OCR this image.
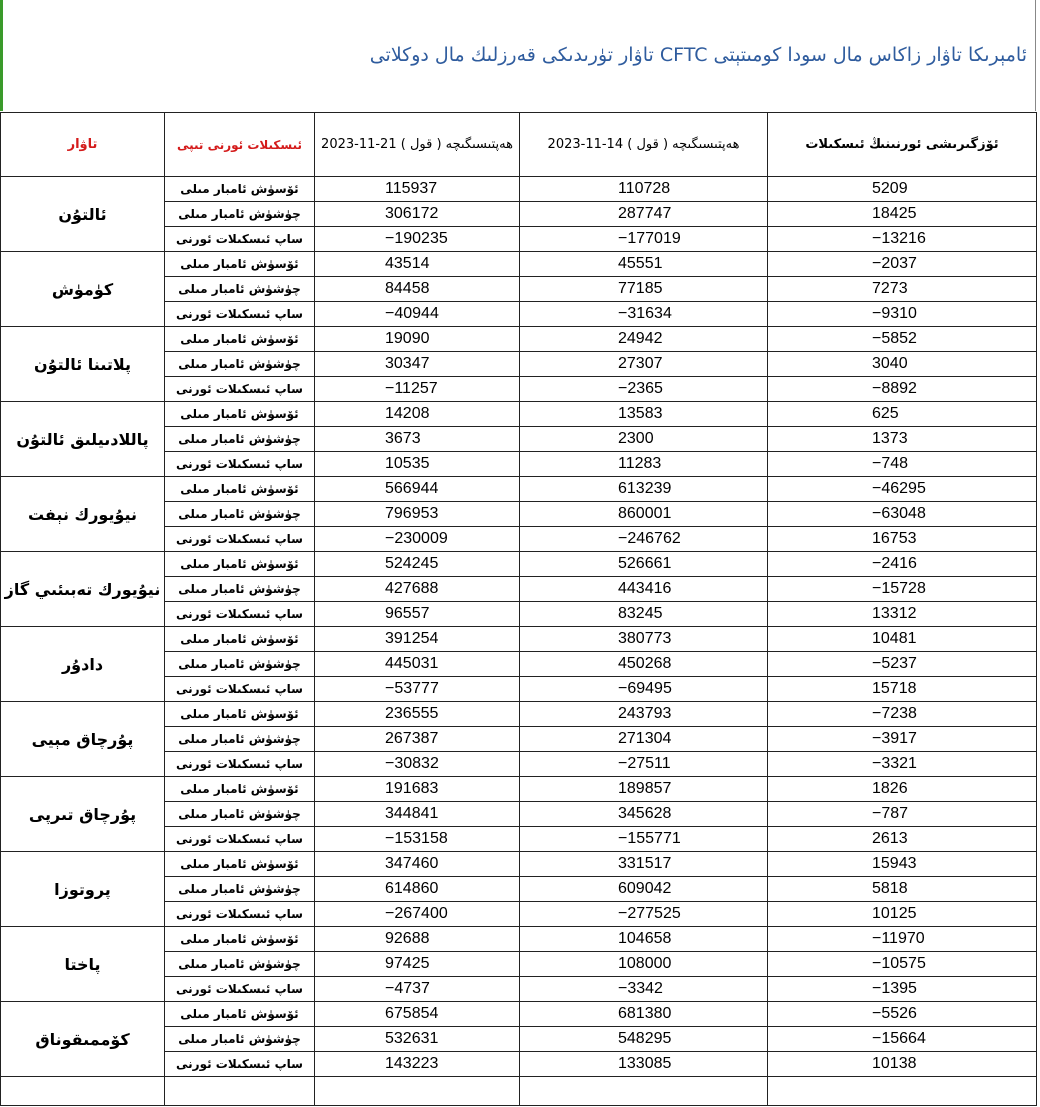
ئامېرىكا تاۋار زاكاس مال سودا كومىتېتى CFTC تاۋار تۈرىدىكى قەرزلىك مال دوكلاتى
تاۋار	ئىسكىلات ئورنى تىپى	2023-11-21 ( قول ) ھەپتىسىگىچە	2023-11-14 ( قول ) ھەپتىسىگىچە	ئۆزگىرىشى ئورنىنىڭ ئىسكىلات
ئالتۇن	ئۆسۈش ئامبار مىلى	115937	110728	5209
	چۈشۈش ئامبار مىلى	306172	287747	18425
	ساپ ئىسكىلات ئورنى	−190235	−177019	−13216
كۈمۈش	ئۆسۈش ئامبار مىلى	43514	45551	−2037
	چۈشۈش ئامبار مىلى	84458	77185	7273
	ساپ ئىسكىلات ئورنى	−40944	−31634	−9310
پلاتىنا ئالتۇن	ئۆسۈش ئامبار مىلى	19090	24942	−5852
	چۈشۈش ئامبار مىلى	30347	27307	3040
	ساپ ئىسكىلات ئورنى	−11257	−2365	−8892
پاللادىيلىق ئالتۇن	ئۆسۈش ئامبار مىلى	14208	13583	625
	چۈشۈش ئامبار مىلى	3673	2300	1373
	ساپ ئىسكىلات ئورنى	10535	11283	−748
نيۇيورك نېفت	ئۆسۈش ئامبار مىلى	566944	613239	−46295
	چۈشۈش ئامبار مىلى	796953	860001	−63048
	ساپ ئىسكىلات ئورنى	−230009	−246762	16753
نيۇيورك تەبىئىي گاز	ئۆسۈش ئامبار مىلى	524245	526661	−2416
	چۈشۈش ئامبار مىلى	427688	443416	−15728
	ساپ ئىسكىلات ئورنى	96557	83245	13312
دادۇر	ئۆسۈش ئامبار مىلى	391254	380773	10481
	چۈشۈش ئامبار مىلى	445031	450268	−5237
	ساپ ئىسكىلات ئورنى	−53777	−69495	15718
پۇرچاق مېيى	ئۆسۈش ئامبار مىلى	236555	243793	−7238
	چۈشۈش ئامبار مىلى	267387	271304	−3917
	ساپ ئىسكىلات ئورنى	−30832	−27511	−3321
پۇرچاق تىرپى	ئۆسۈش ئامبار مىلى	191683	189857	1826
	چۈشۈش ئامبار مىلى	344841	345628	−787
	ساپ ئىسكىلات ئورنى	−153158	−155771	2613
پروتوزا	ئۆسۈش ئامبار مىلى	347460	331517	15943
	چۈشۈش ئامبار مىلى	614860	609042	5818
	ساپ ئىسكىلات ئورنى	−267400	−277525	10125
پاختا	ئۆسۈش ئامبار مىلى	92688	104658	−11970
	چۈشۈش ئامبار مىلى	97425	108000	−10575
	ساپ ئىسكىلات ئورنى	−4737	−3342	−1395
كۆممىقوناق	ئۆسۈش ئامبار مىلى	675854	681380	−5526
	چۈشۈش ئامبار مىلى	532631	548295	−15664
	ساپ ئىسكىلات ئورنى	143223	133085	10138
